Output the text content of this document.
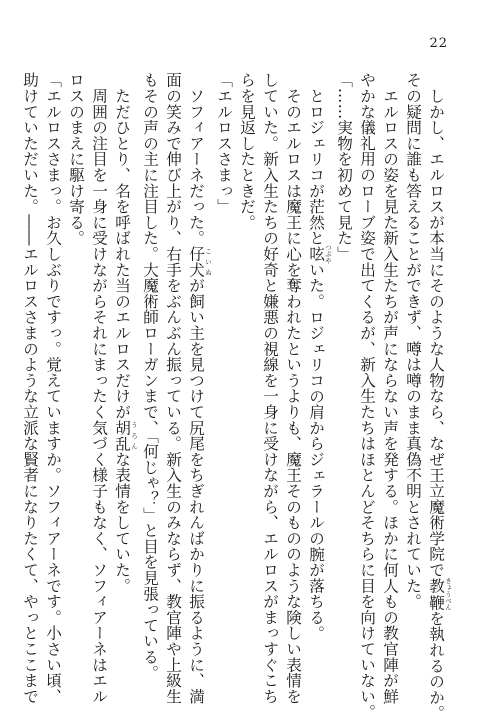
22
　しかし、エルロスが本当にそのような人物なら、なぜ王立魔術学院で教鞭 きょうべんを執れるのか。
その疑問に誰も答えることができず、噂は噂のまま真偽不明とされていた。
　エルロスの姿を見た新入生たちが声にならない声を発する。ほかに何人もの教官陣が鮮
やかな儀礼用のローブ姿で出てくるが、新入生たちはほとんどそちらに目を向けていない。
「……実物を初めて見た」
　とロジェリコが茫然と呟 つぶやいた。ロジェリコの肩からジェラールの腕が落ちる。
　そのエルロスは魔王に心を奪われたというよりも、魔王そのもののような険しい表情を
していた。新入生たちの好奇と嫌悪の視線を一身に受けながら、エルロスがまっすぐこち
らを見返したときだ。
「エルロスさまっ」
　ソフィアーネだった。仔犬 こいぬが飼い主を見つけて尻尾をちぎれんばかりに振るように、満
面の笑みで伸び上がり、右手をぶんぶん振っている。新入生のみならず、教官陣や上級生
もその声の主に注目した。大魔術師ローガンまで、「何じゃ？」と目を見張っている。
　ただひとり、名を呼ばれた当のエルロスだけが胡乱 うろんな表情をしていた。
　周囲の注目を一身に受けながらそれにまったく気づく様子もなく、ソフィアーネはエル
ロスのまえに駆け寄る。
「エルロスさまっ。お久しぶりですっ。覚えていますか。ソフィアーネです。小さい頃、
助けていただいた。――エルロスさまのような立派な賢者になりたくて、やっとここまで
